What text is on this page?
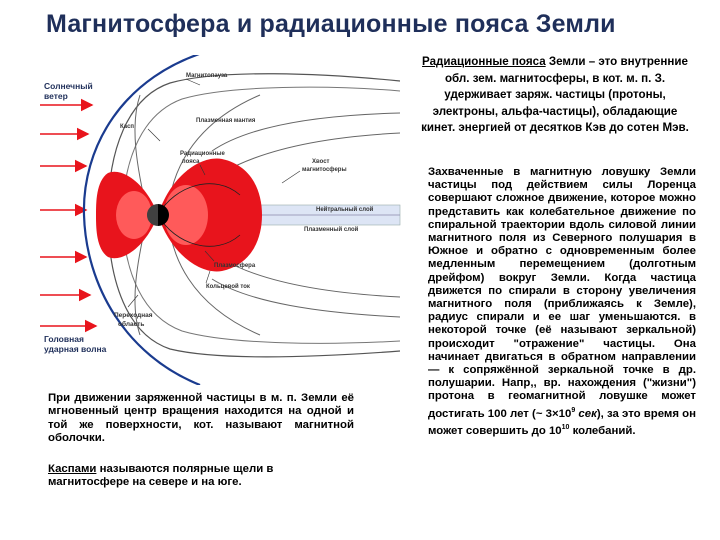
Магнитосфера и радиационные пояса Земли
Солнечный
ветер
Магнитопауза
Касп
Плазменная мантия
Радиационные
пояса	Хвост
магнитосферы
Нейтральный слой
Плазменный слой
Плазмосфера
Кольцевой ток
Переходная
область
Головная
ударная волна
Радиационные пояса Земли – это внутренние обл. зем. магнитосферы, в кот. м. п. З. удерживает заряж. частицы (протоны, электроны, альфа-частицы), обладающие кинет. энергией от десятков Кэв до сотен Мэв.
Захваченные в магнитную ловушку Земли частицы под действием силы Лоренца совершают сложное движение, которое можно представить как колебательное движение по спиральной траектории вдоль силовой линии магнитного поля из Северного полушария в Южное и обратно с одновременным более медленным перемещением (долготным дрейфом) вокруг Земли. Когда частица движется по спирали в сторону увеличения магнитного поля (приближаясь к Земле), радиус спирали и ее шаг уменьшаются. в некоторой точке (её называют зеркальной) происходит "отражение" частицы. Она начинает двигаться в обратном направлении — к сопряжённой зеркальной точке в др. полушарии. Напр,, вр. нахождения ("жизни") протона в геомагнитной ловушке может достигать 100 лет (~ $3\times 10^9$ сек), за это время он может совершить до $10^{10}$ колебаний.
При движении заряженной частицы в м. п. Земли её мгновенный центр вращения находится на одной и той же поверхности, кот. называют магнитной оболочки.
Каспами называются полярные щели в магнитосфере на севере и на юге.
